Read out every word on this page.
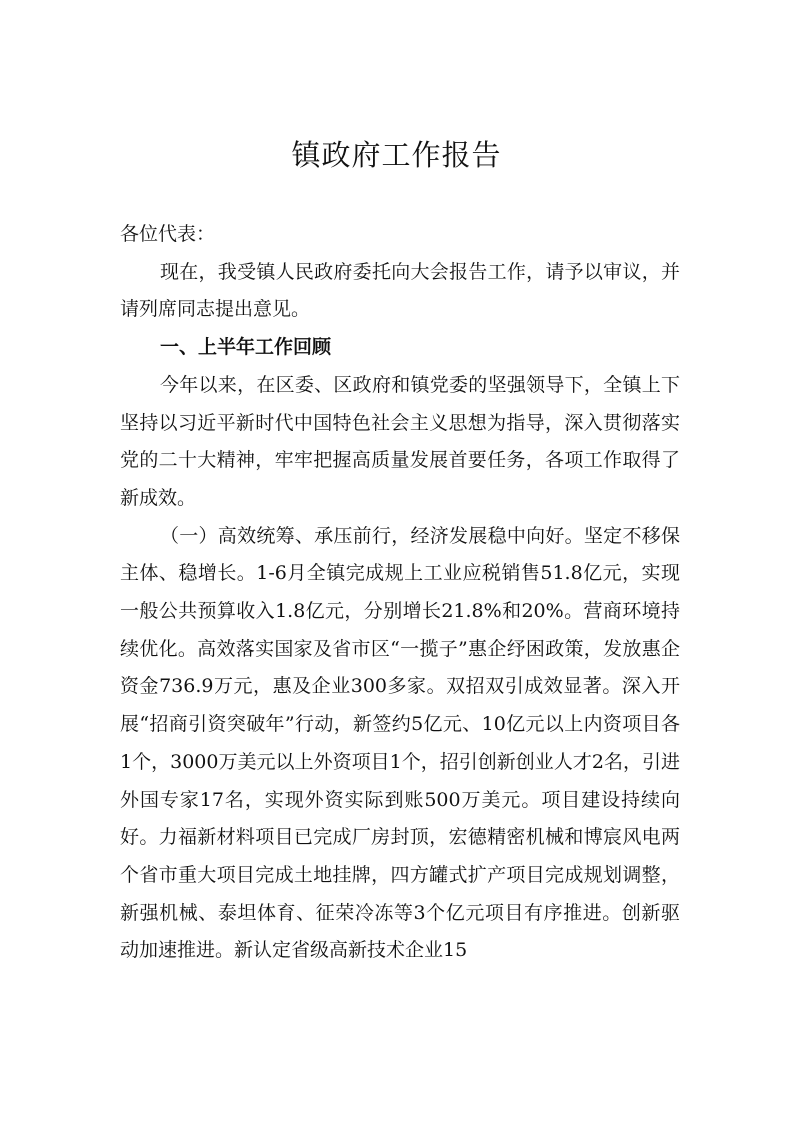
镇政府工作报告

各位代表：

现在，我受镇人民政府委托向大会报告工作，请予以审议，并请列席同志提出意见。

一、上半年工作回顾

今年以来，在区委、区政府和镇党委的坚强领导下，全镇上下坚持以习近平新时代中国特色社会主义思想为指导，深入贯彻落实党的二十大精神，牢牢把握高质量发展首要任务，各项工作取得了新成效。

（一）高效统筹、承压前行，经济发展稳中向好。坚定不移保主体、稳增长。1-6月全镇完成规上工业应税销售51.8亿元，实现一般公共预算收入1.8亿元，分别增长21.8%和20%。营商环境持续优化。高效落实国家及省市区“一揽子”惠企纾困政策，发放惠企资金736.9万元，惠及企业300多家。双招双引成效显著。深入开展“招商引资突破年”行动，新签约5亿元、10亿元以上内资项目各1个，3000万美元以上外资项目1个，招引创新创业人才2名，引进外国专家17名，实现外资实际到账500万美元。项目建设持续向好。力福新材料项目已完成厂房封顶，宏德精密机械和博宸风电两个省市重大项目完成土地挂牌，四方罐式扩产项目完成规划调整，新强机械、泰坦体育、征荣冷冻等3个亿元项目有序推进。创新驱动加速推进。新认定省级高新技术企业15
